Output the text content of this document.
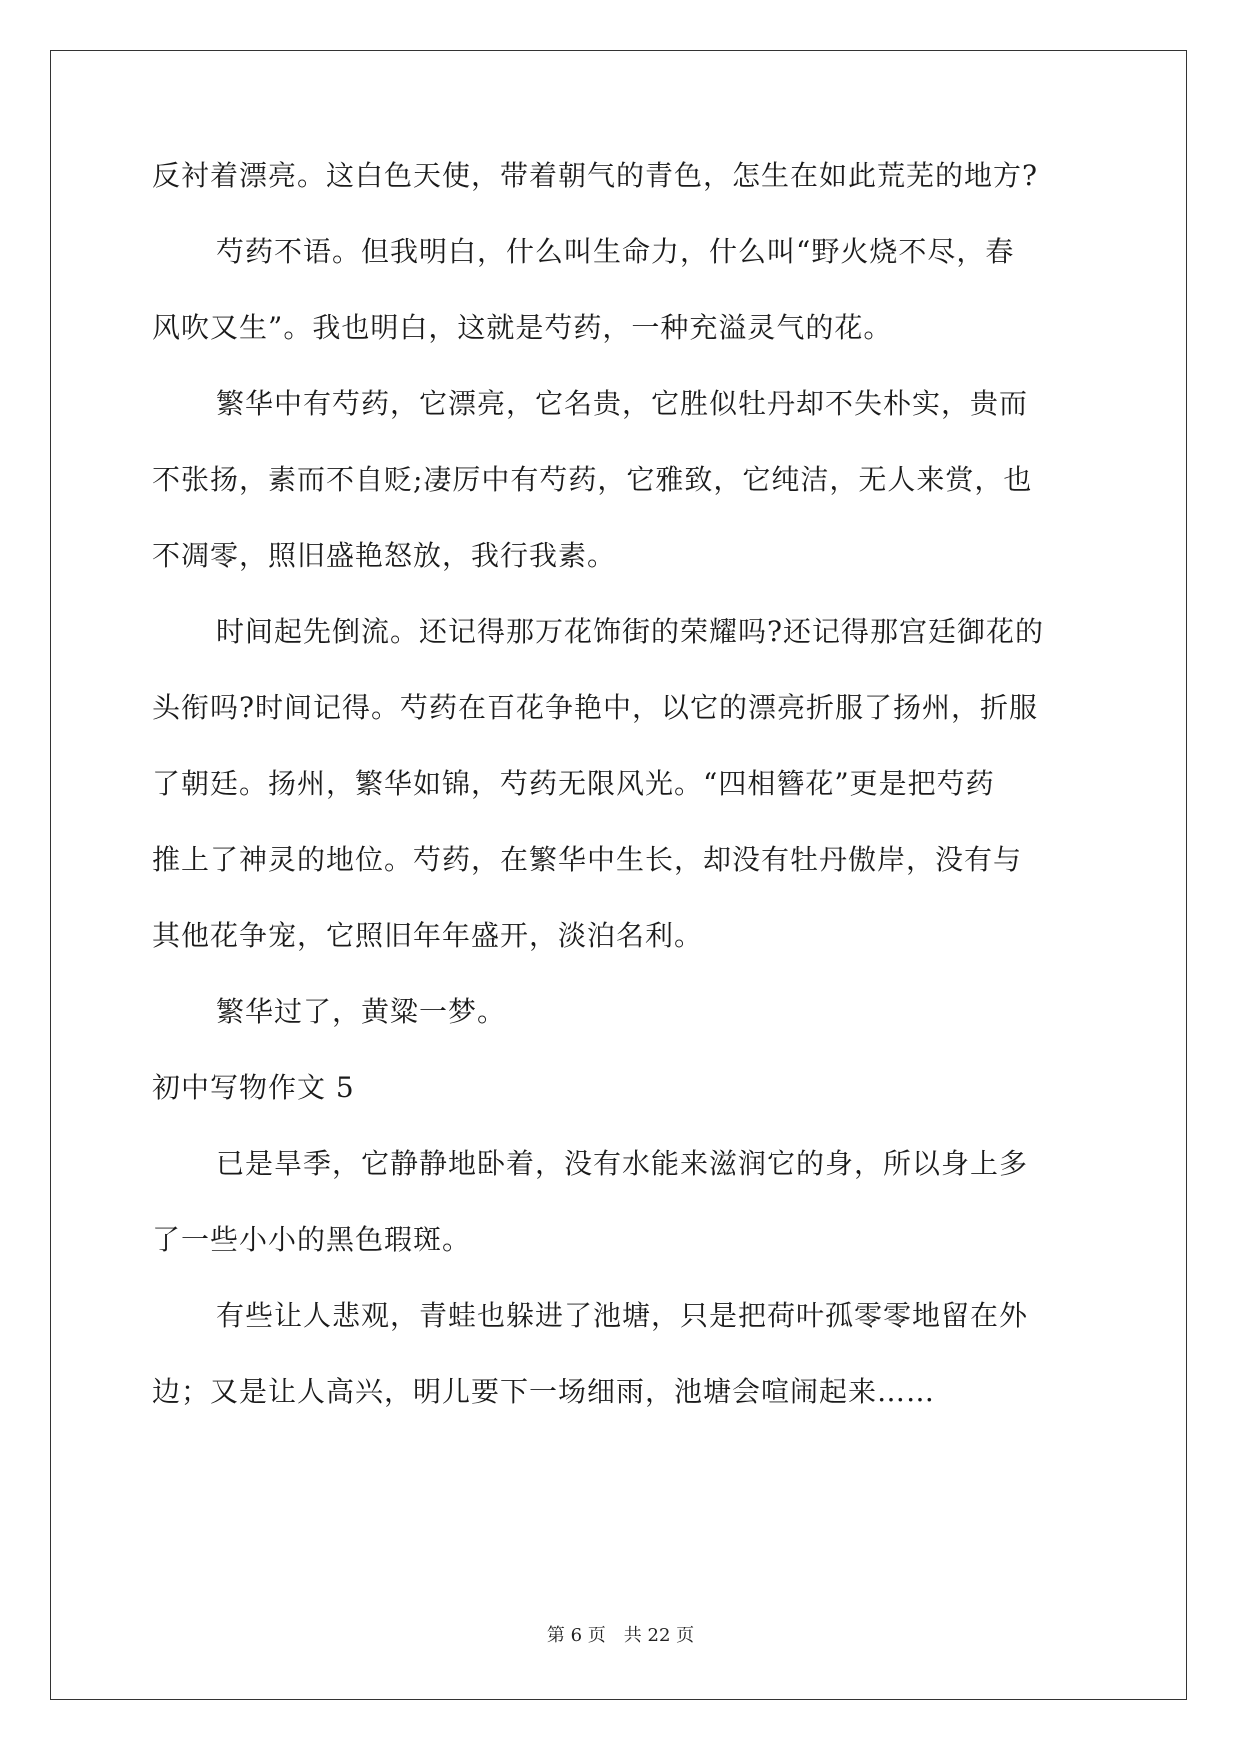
反衬着漂亮。这白色天使，带着朝气的青色，怎生在如此荒芜的地方?
芍药不语。但我明白，什么叫生命力，什么叫“野火烧不尽，春
风吹又生”。我也明白，这就是芍药，一种充溢灵气的花。
繁华中有芍药，它漂亮，它名贵，它胜似牡丹却不失朴实，贵而
不张扬，素而不自贬;凄厉中有芍药，它雅致，它纯洁，无人来赏，也
不凋零，照旧盛艳怒放，我行我素。
时间起先倒流。还记得那万花饰街的荣耀吗?还记得那宫廷御花的
头衔吗?时间记得。芍药在百花争艳中，以它的漂亮折服了扬州，折服
了朝廷。扬州，繁华如锦，芍药无限风光。“四相簪花”更是把芍药
推上了神灵的地位。芍药，在繁华中生长，却没有牡丹傲岸，没有与
其他花争宠，它照旧年年盛开，淡泊名利。
繁华过了，黄粱一梦。
初中写物作文 5
已是旱季，它静静地卧着，没有水能来滋润它的身，所以身上多
了一些小小的黑色瑕斑。
有些让人悲观，青蛙也躲进了池塘，只是把荷叶孤零零地留在外
边；又是让人高兴，明儿要下一场细雨，池塘会喧闹起来……
第 6 页 共 22 页
